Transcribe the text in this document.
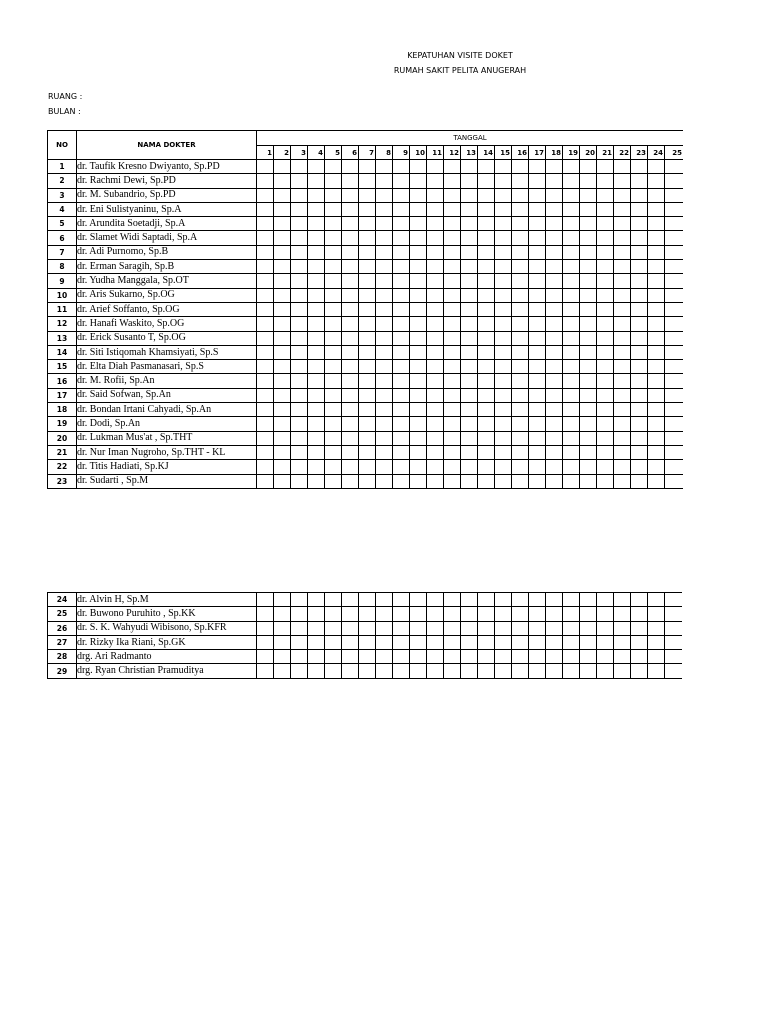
KEPATUHAN VISITE DOKET
RUMAH SAKIT PELITA ANUGERAH
RUANG :
BULAN :
NO	NAMA DOKTER	TANGGAL																								
		1	2	3	4	5	6	7	8	9	10	11	12	13	14	15	16	17	18	19	20	21	22	23	24	25
1	dr. Taufik Kresno Dwiyanto, Sp.PD																									
2	dr. Rachmi Dewi, Sp.PD																									
3	dr. M. Subandrio, Sp.PD																									
4	dr. Eni Sulistyaninu, Sp.A																									
5	dr. Arundita Soetadji, Sp.A																									
6	dr. Slamet Widi Saptadi, Sp.A																									
7	dr. Adi Purnomo, Sp.B																									
8	dr. Erman Saragih, Sp.B																									
9	dr. Yudha Manggala, Sp.OT																									
10	dr. Aris Sukarno, Sp.OG																									
11	dr. Arief Soffanto, Sp.OG																									
12	dr. Hanafi Waskito, Sp.OG																									
13	dr. Erick Susanto T, Sp.OG																									
14	dr. Siti Istiqomah Khamsiyati, Sp.S																									
15	dr. Elta Diah Pasmanasari, Sp.S																									
16	dr. M. Rofii, Sp.An																									
17	dr. Said Sofwan, Sp.An																									
18	dr. Bondan Irtani Cahyadi, Sp.An																									
19	dr. Dodi, Sp.An																									
20	dr. Lukman Mus'at , Sp.THT																									
21	dr. Nur Iman Nugroho, Sp.THT - KL																									
22	dr. Titis Hadiati, Sp.KJ																									
23	dr. Sudarti , Sp.M																									
24	dr. Alvin H, Sp.M																									
25	dr. Buwono Puruhito , Sp.KK																									
26	dr. S. K. Wahyudi Wibisono, Sp.KFR																									
27	dr. Rizky Ika Riani, Sp.GK																									
28	drg. Ari Radmanto																									
29	drg. Ryan Christian Pramuditya																									
